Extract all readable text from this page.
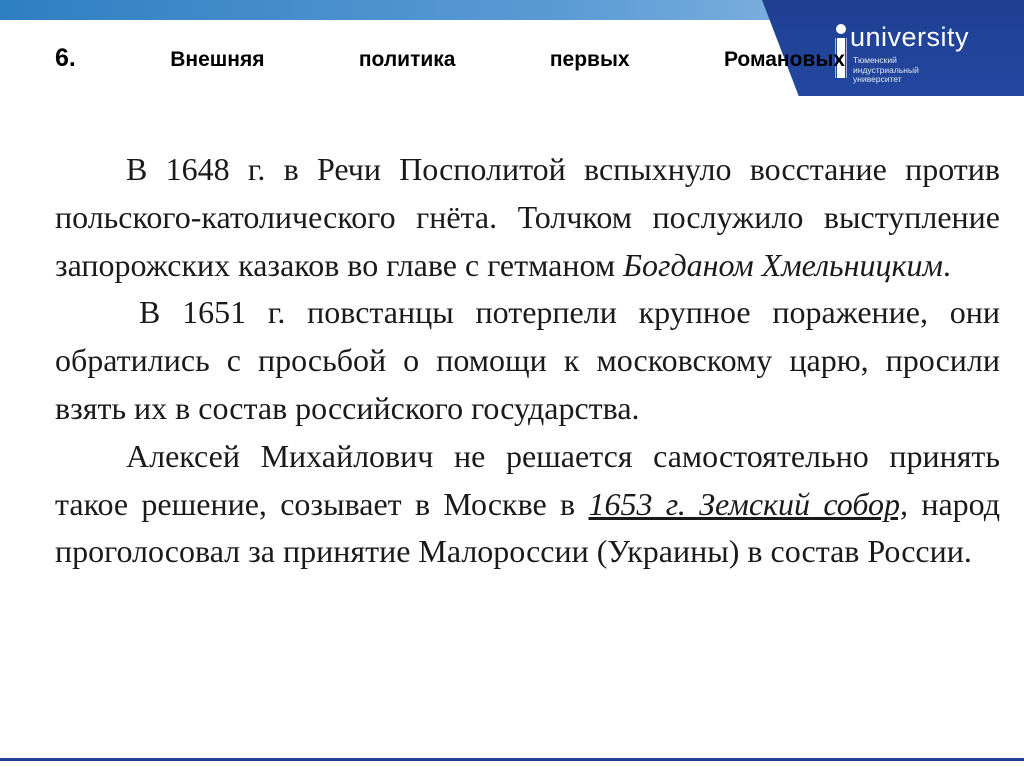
university
Тюменский
индустриальный
университет
6.	Внешняя	политика	первых	Романовых

В 1648 г. в Речи Посполитой вспыхнуло восстание против польского-католического гнёта. Толчком послужило выступление запорожских казаков во главе с гетманом Богданом Хмельницким.

В 1651 г. повстанцы потерпели крупное поражение, они обратились с просьбой о помощи к московскому царю, просили взять их в состав российского государства.

Алексей Михайлович не решается самостоятельно принять такое решение, созывает в Москве в 1653 г. Земский собор, народ проголосовал за принятие Малороссии (Украины) в состав России.
